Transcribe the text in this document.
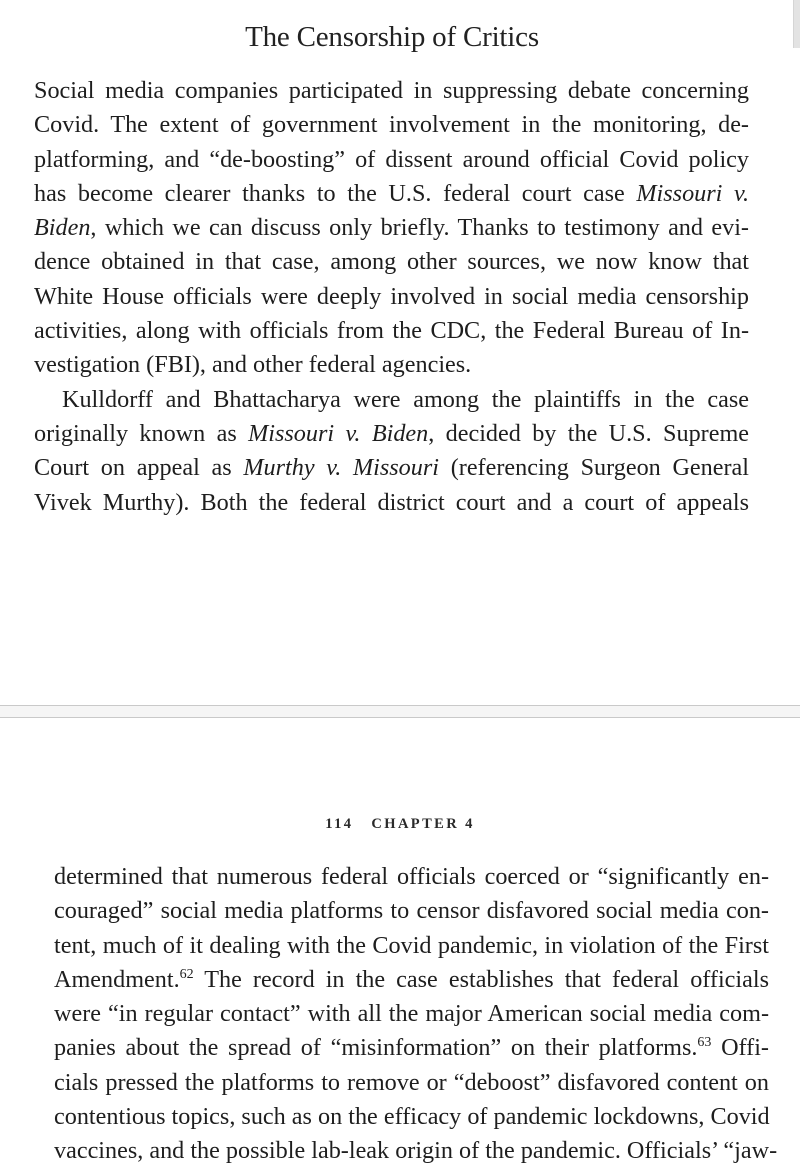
The Censorship of Critics
Social media companies participated in suppressing debate concerning
Covid. The extent of government involvement in the monitoring, de-
platforming, and “de-boosting” of dissent around official Covid policy
has become clearer thanks to the U.S. federal court case Missouri v.
Biden, which we can discuss only briefly. Thanks to testimony and evi-
dence obtained in that case, among other sources, we now know that
White House officials were deeply involved in social media censorship
activities, along with officials from the CDC, the Federal Bureau of In-
vestigation (FBI), and other federal agencies.
Kulldorff and Bhattacharya were among the plaintiffs in the case
originally known as Missouri v. Biden, decided by the U.S. Supreme
Court on appeal as Murthy v. Missouri (referencing Surgeon General
Vivek Murthy). Both the federal district court and a court of appeals
114 CHAPTER 4
determined that numerous federal officials coerced or “significantly en-
couraged” social media platforms to censor disfavored social media con-
tent, much of it dealing with the Covid pandemic, in violation of the First
Amendment.$^{62}$ The record in the case establishes that federal officials
were “in regular contact” with all the major American social media com-
panies about the spread of “misinformation” on their platforms.$^{63}$ Offi-
cials pressed the platforms to remove or “deboost” disfavored content on
contentious topics, such as on the efficacy of pandemic lockdowns, Covid
vaccines, and the possible lab-leak origin of the pandemic. Officials’ “jaw-
